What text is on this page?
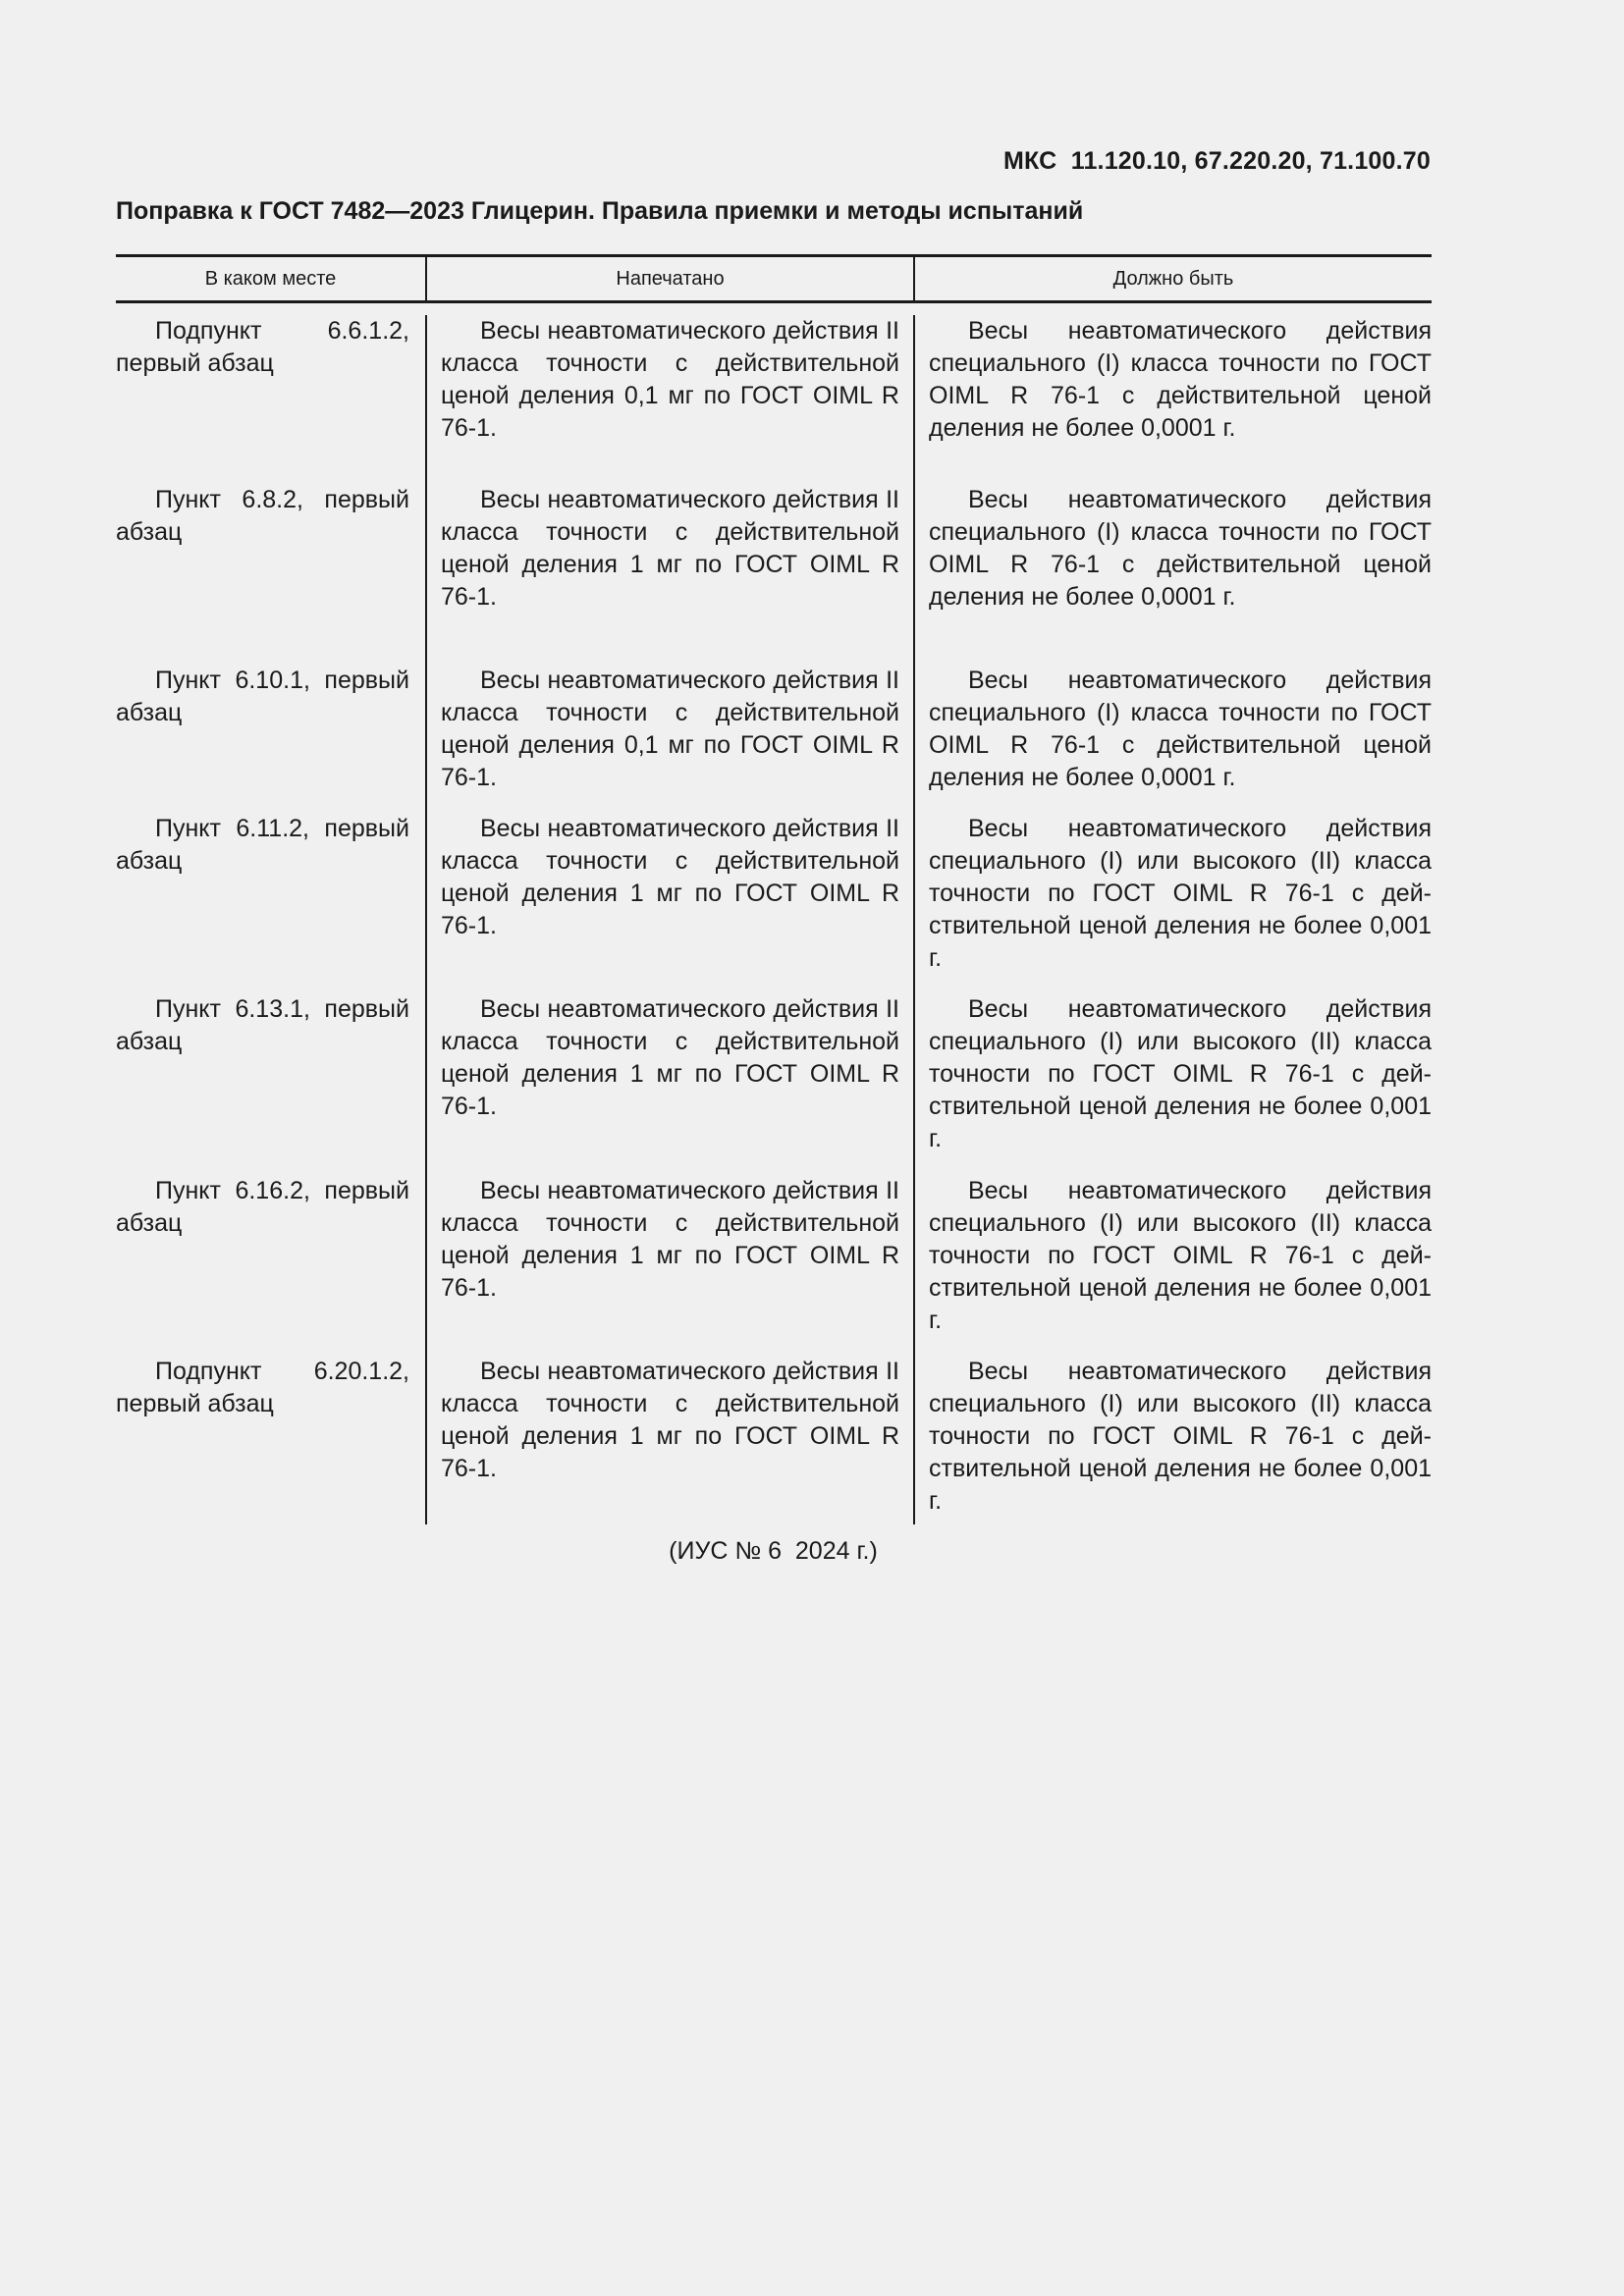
МКС  11.120.10, 67.220.20, 71.100.70
Поправка к ГОСТ 7482—2023 Глицерин. Правила приемки и методы испытаний
В каком месте	Напечатано	Должно быть

Подпункт 6.6.1.2, первый абзац

Весы неавтоматического действия II класса точности с действительной ценой деления 0,1 мг по ГОСТ OIML R 76-1.

Весы неавтоматического действия специального (I) класса точности по ГОСТ OIML R 76-1 с действительной ценой деления не более 0,0001 г.

Пункт 6.8.2, первый абзац

Весы неавтоматического действия II класса точности с действительной ценой деления 1 мг по ГОСТ OIML R 76-1.

Весы неавтоматического действия специального (I) класса точности по ГОСТ OIML R 76-1 с действительной ценой деления не более 0,0001 г.

Пункт 6.10.1, первый абзац

Весы неавтоматического действия II класса точности с действительной ценой деления 0,1 мг по ГОСТ OIML R 76-1.

Весы неавтоматического действия специального (I) класса точности по ГОСТ OIML R 76-1 с действительной ценой деления не более 0,0001 г.

Пункт 6.11.2, первый абзац

Весы неавтоматического действия II класса точности с действительной ценой деления 1 мг по ГОСТ OIML R 76-1.

Весы неавтоматического действия специального (I) или высокого (II) класса точности по ГОСТ OIML R 76-1 с действительной ценой деления не более 0,001 г.

Пункт 6.13.1, первый абзац

Весы неавтоматического действия II класса точности с действительной ценой деления 1 мг по ГОСТ OIML R 76-1.

Весы неавтоматического действия специального (I) или высокого (II) класса точности по ГОСТ OIML R 76-1 с действительной ценой деления не более 0,001 г.

Пункт 6.16.2, первый абзац

Весы неавтоматического действия II класса точности с действительной ценой деления 1 мг по ГОСТ OIML R 76-1.

Весы неавтоматического действия специального (I) или высокого (II) класса точности по ГОСТ OIML R 76-1 с действительной ценой деления не более 0,001 г.

Подпункт 6.20.1.2, первый абзац

Весы неавтоматического действия II класса точности с действительной ценой деления 1 мг по ГОСТ OIML R 76-1.

Весы неавтоматического действия специального (I) или высокого (II) класса точности по ГОСТ OIML R 76-1 с действительной ценой деления не более 0,001 г.

(ИУС № 6  2024 г.)
